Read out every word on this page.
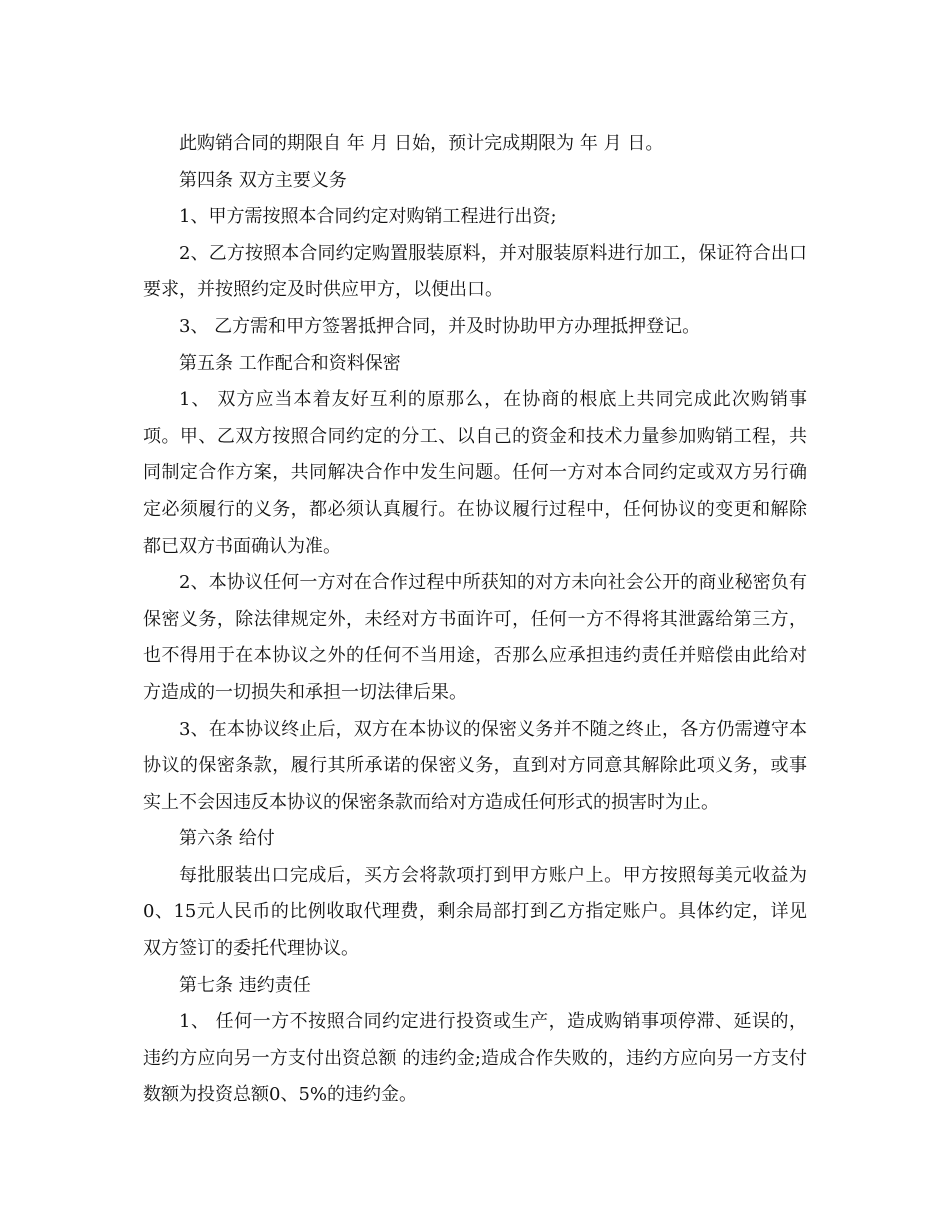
此购销合同的期限自 年 月 日始，预计完成期限为 年 月 日。

第四条 双方主要义务

1、甲方需按照本合同约定对购销工程进行出资;

2、乙方按照本合同约定购置服装原料，并对服装原料进行加工，保证符合出口要求，并按照约定及时供应甲方，以便出口。

3、 乙方需和甲方签署抵押合同，并及时协助甲方办理抵押登记。

第五条 工作配合和资料保密

1、 双方应当本着友好互利的原那么，在协商的根底上共同完成此次购销事项。甲、乙双方按照合同约定的分工、以自己的资金和技术力量参加购销工程，共同制定合作方案，共同解决合作中发生问题。任何一方对本合同约定或双方另行确定必须履行的义务，都必须认真履行。在协议履行过程中，任何协议的变更和解除都已双方书面确认为准。

2、本协议任何一方对在合作过程中所获知的对方未向社会公开的商业秘密负有保密义务，除法律规定外，未经对方书面许可，任何一方不得将其泄露给第三方，也不得用于在本协议之外的任何不当用途，否那么应承担违约责任并赔偿由此给对方造成的一切损失和承担一切法律后果。

3、在本协议终止后，双方在本协议的保密义务并不随之终止，各方仍需遵守本协议的保密条款，履行其所承诺的保密义务，直到对方同意其解除此项义务，或事实上不会因违反本协议的保密条款而给对方造成任何形式的损害时为止。

第六条 给付

每批服装出口完成后，买方会将款项打到甲方账户上。甲方按照每美元收益为0、15元人民币的比例收取代理费，剩余局部打到乙方指定账户。具体约定，详见双方签订的委托代理协议。

第七条 违约责任

1、 任何一方不按照合同约定进行投资或生产，造成购销事项停滞、延误的，违约方应向另一方支付出资总额 的违约金;造成合作失败的，违约方应向另一方支付数额为投资总额0、5%的违约金。
